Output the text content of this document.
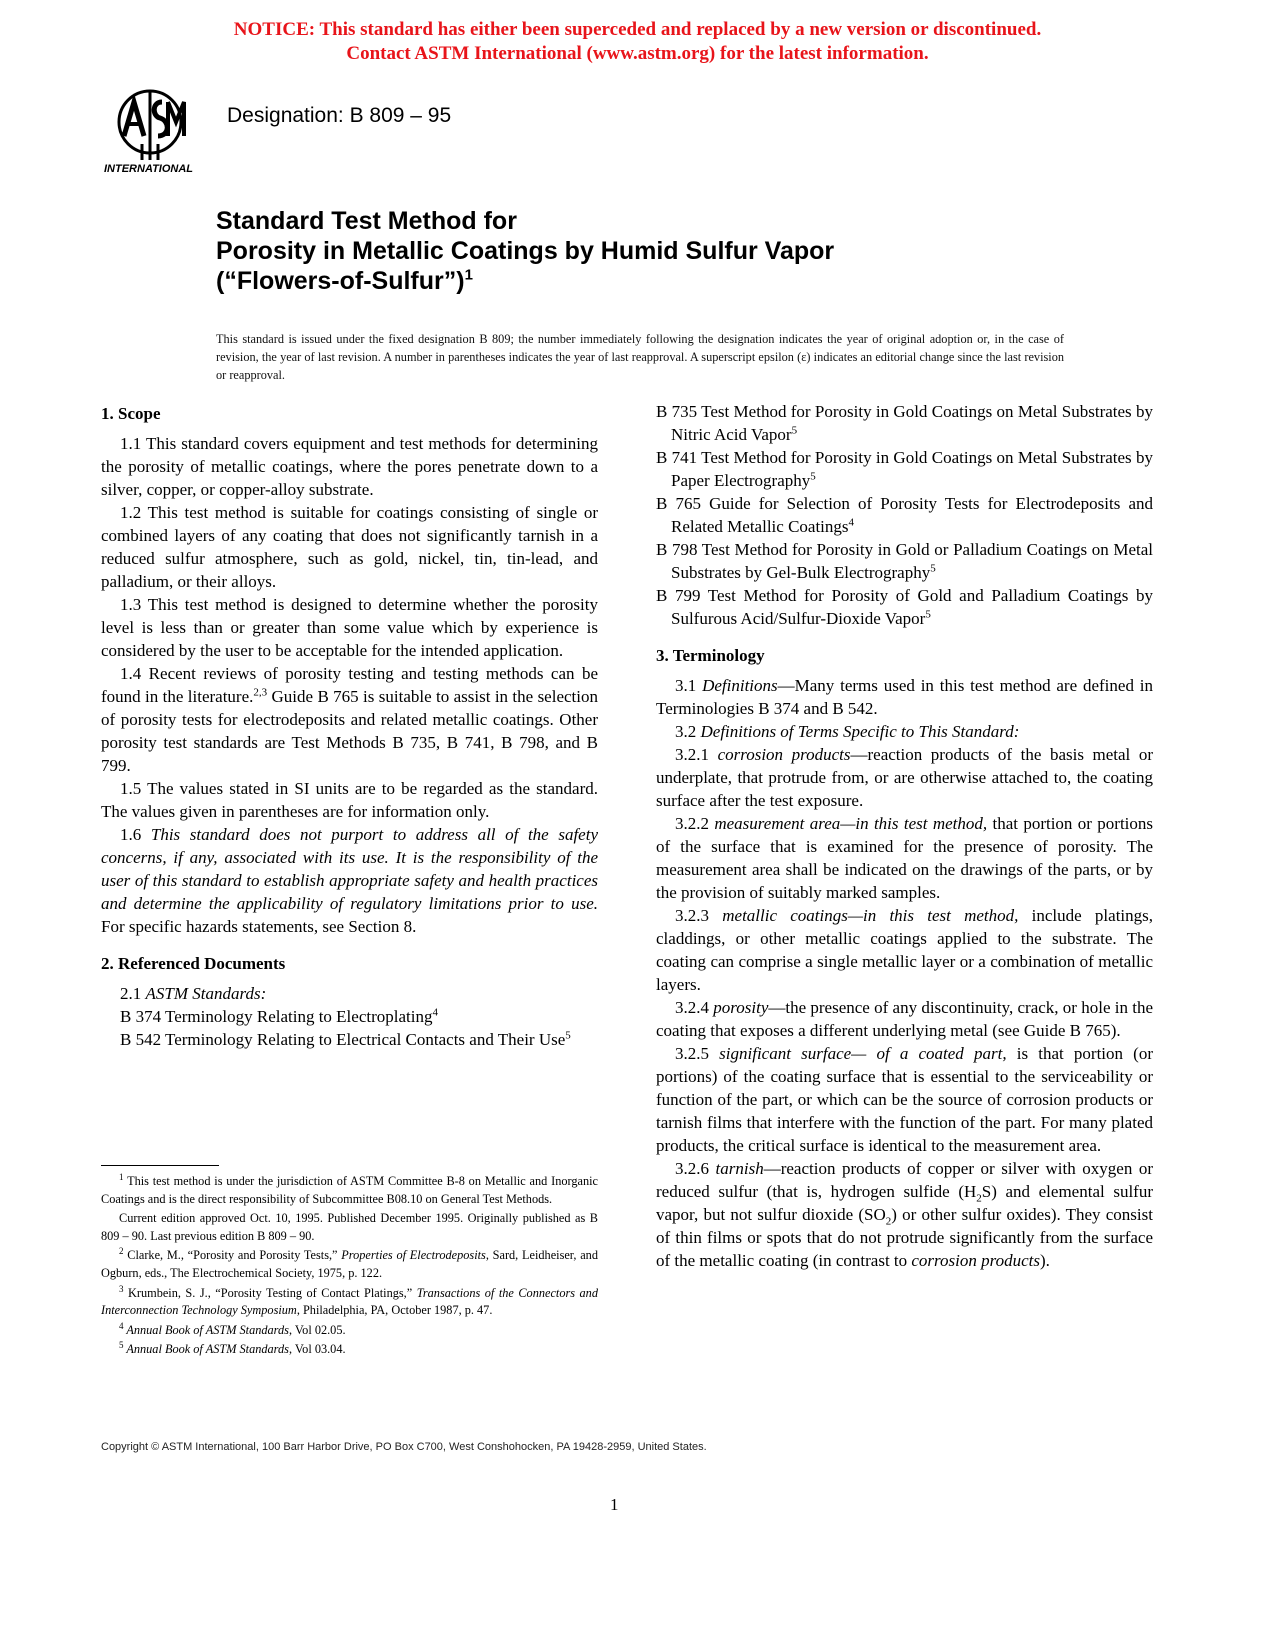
NOTICE: This standard has either been superceded and replaced by a new version or discontinued.
Contact ASTM International (www.astm.org) for the latest information.
INTERNATIONAL
Designation: B 809 – 95
Standard Test Method for
Porosity in Metallic Coatings by Humid Sulfur Vapor
(“Flowers-of-Sulfur”)$^1$
This standard is issued under the fixed designation B 809; the number immediately following the designation indicates the year of original adoption or, in the case of revision, the year of last revision. A number in parentheses indicates the year of last reapproval. A superscript epsilon (ε) indicates an editorial change since the last revision or reapproval.
1. Scope

1.1 This standard covers equipment and test methods for determining the porosity of metallic coatings, where the pores penetrate down to a silver, copper, or copper-alloy substrate.

1.2 This test method is suitable for coatings consisting of single or combined layers of any coating that does not significantly tarnish in a reduced sulfur atmosphere, such as gold, nickel, tin, tin-lead, and palladium, or their alloys.

1.3 This test method is designed to determine whether the porosity level is less than or greater than some value which by experience is considered by the user to be acceptable for the intended application.

1.4 Recent reviews of porosity testing and testing methods can be found in the literature.$^{2,3}$ Guide B 765 is suitable to assist in the selection of porosity tests for electrodeposits and related metallic coatings. Other porosity test standards are Test Methods B 735, B 741, B 798, and B 799.

1.5 The values stated in SI units are to be regarded as the standard. The values given in parentheses are for information only.

1.6 This standard does not purport to address all of the safety concerns, if any, associated with its use. It is the responsibility of the user of this standard to establish appropriate safety and health practices and determine the applicability of regulatory limitations prior to use. For specific hazards statements, see Section 8.

2. Referenced Documents

2.1 ASTM Standards:

B 374 Terminology Relating to Electroplating$^4$

B 542 Terminology Relating to Electrical Contacts and Their Use$^5$

$^1$ This test method is under the jurisdiction of ASTM Committee B-8 on Metallic and Inorganic Coatings and is the direct responsibility of Subcommittee B08.10 on General Test Methods.

Current edition approved Oct. 10, 1995. Published December 1995. Originally published as B 809 – 90. Last previous edition B 809 – 90.

$^2$ Clarke, M., “Porosity and Porosity Tests,” Properties of Electrodeposits, Sard, Leidheiser, and Ogburn, eds., The Electrochemical Society, 1975, p. 122.

$^3$ Krumbein, S. J., “Porosity Testing of Contact Platings,” Transactions of the Connectors and Interconnection Technology Symposium, Philadelphia, PA, October 1987, p. 47.

$^4$ Annual Book of ASTM Standards, Vol 02.05.

$^5$ Annual Book of ASTM Standards, Vol 03.04.

B 735 Test Method for Porosity in Gold Coatings on Metal Substrates by Nitric Acid Vapor$^5$

B 741 Test Method for Porosity in Gold Coatings on Metal Substrates by Paper Electrography$^5$

B 765 Guide for Selection of Porosity Tests for Electrodeposits and Related Metallic Coatings$^4$

B 798 Test Method for Porosity in Gold or Palladium Coatings on Metal Substrates by Gel-Bulk Electrography$^5$

B 799 Test Method for Porosity of Gold and Palladium Coatings by Sulfurous Acid/Sulfur-Dioxide Vapor$^5$

3. Terminology

3.1 Definitions—Many terms used in this test method are defined in Terminologies B 374 and B 542.

3.2 Definitions of Terms Specific to This Standard:

3.2.1 corrosion products—reaction products of the basis metal or underplate, that protrude from, or are otherwise attached to, the coating surface after the test exposure.

3.2.2 measurement area—in this test method, that portion or portions of the surface that is examined for the presence of porosity. The measurement area shall be indicated on the drawings of the parts, or by the provision of suitably marked samples.

3.2.3 metallic coatings—in this test method, include platings, claddings, or other metallic coatings applied to the substrate. The coating can comprise a single metallic layer or a combination of metallic layers.

3.2.4 porosity—the presence of any discontinuity, crack, or hole in the coating that exposes a different underlying metal (see Guide B 765).

3.2.5 significant surface— of a coated part, is that portion (or portions) of the coating surface that is essential to the serviceability or function of the part, or which can be the source of corrosion products or tarnish films that interfere with the function of the part. For many plated products, the critical surface is identical to the measurement area.

3.2.6 tarnish—reaction products of copper or silver with oxygen or reduced sulfur (that is, hydrogen sulfide $(H_2S)$ and elemental sulfur vapor, but not sulfur dioxide $(SO_2)$ or other sulfur oxides). They consist of thin films or spots that do not protrude significantly from the surface of the metallic coating (in contrast to corrosion products).

Copyright © ASTM International, 100 Barr Harbor Drive, PO Box C700, West Conshohocken, PA 19428-2959, United States.
1
